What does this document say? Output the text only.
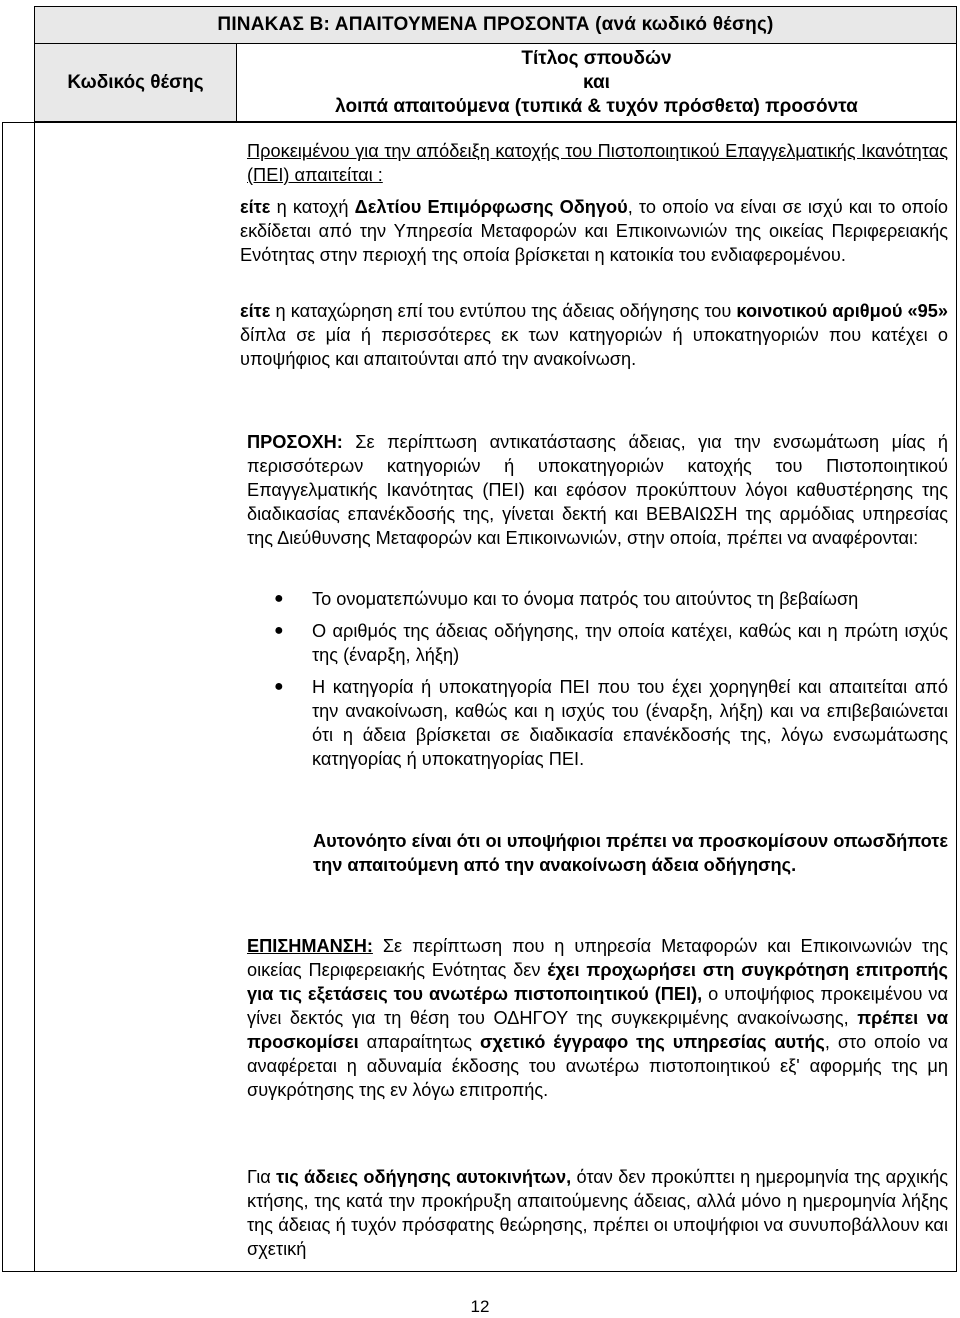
ΠΙΝΑΚΑΣ Β: ΑΠΑΙΤΟΥΜΕΝΑ ΠΡΟΣΟΝΤΑ (ανά κωδικό θέσης)
Κωδικός θέσης
Τίτλος σπουδών
και
λοιπά απαιτούμενα (τυπικά & τυχόν πρόσθετα) προσόντα

Προκειμένου για την απόδειξη κατοχής του Πιστοποιητικού Επαγγελματικής Ικανότητας (ΠΕΙ) απαιτείται :

είτε η κατοχή Δελτίου Επιμόρφωσης Οδηγού, το οποίο να είναι σε ισχύ και το οποίο εκδίδεται από την Υπηρεσία Μεταφορών και Επικοινωνιών της οικείας Περιφερειακής Ενότητας στην περιοχή της οποία βρίσκεται η κατοικία του ενδιαφερομένου.

είτε η καταχώρηση επί του εντύπου της άδειας οδήγησης του κοινοτικού αριθμού «95» δίπλα σε μία ή περισσότερες εκ των κατηγοριών ή υποκατηγοριών που κατέχει ο υποψήφιος και απαιτούνται από την ανακοίνωση.

ΠΡΟΣΟΧΗ: Σε περίπτωση αντικατάστασης άδειας, για την ενσωμάτωση μίας ή περισσότερων κατηγοριών ή υποκατηγοριών κατοχής του Πιστοποιητικού Επαγγελματικής Ικανότητας (ΠΕΙ) και εφόσον προκύπτουν λόγοι καθυστέρησης της διαδικασίας επανέκδοσής της, γίνεται δεκτή και ΒΕΒΑΙΩΣΗ της αρμόδιας υπηρεσίας της Διεύθυνσης Μεταφορών και Επικοινωνιών, στην οποία, πρέπει να αναφέρονται:

● Το ονοματεπώνυμο και το όνομα πατρός του αιτούντος τη βεβαίωση
● Ο αριθμός της άδειας οδήγησης, την οποία κατέχει, καθώς και η πρώτη ισχύς της (έναρξη, λήξη)
● Η κατηγορία ή υποκατηγορία ΠΕΙ που του έχει χορηγηθεί και απαιτείται από την ανακοίνωση, καθώς και η ισχύς του (έναρξη, λήξη) και να επιβεβαιώνεται ότι η άδεια βρίσκεται σε διαδικασία επανέκδοσής της, λόγω ενσωμάτωσης κατηγορίας ή υποκατηγορίας ΠΕΙ.
Αυτονόητο είναι ότι οι υποψήφιοι πρέπει να προσκομίσουν οπωσδήποτε την απαιτούμενη από την ανακοίνωση άδεια οδήγησης.

ΕΠΙΣΗΜΑΝΣΗ: Σε περίπτωση που η υπηρεσία Μεταφορών και Επικοινωνιών της οικείας Περιφερειακής Ενότητας δεν έχει προχωρήσει στη συγκρότηση επιτροπής για τις εξετάσεις του ανωτέρω πιστοποιητικού (ΠΕΙ), ο υποψήφιος προκειμένου να γίνει δεκτός για τη θέση του ΟΔΗΓΟΥ της συγκεκριμένης ανακοίνωσης, πρέπει να προσκομίσει απαραίτητως σχετικό έγγραφο της υπηρεσίας αυτής, στο οποίο να αναφέρεται η αδυναμία έκδοσης του ανωτέρω πιστοποιητικού εξ' αφορμής της μη συγκρότησης της εν λόγω επιτροπής.

Για τις άδειες οδήγησης αυτοκινήτων, όταν δεν προκύπτει η ημερομηνία της αρχικής κτήσης, της κατά την προκήρυξη απαιτούμενης άδειας, αλλά μόνο η ημερομηνία λήξης της άδειας ή τυχόν πρόσφατης θεώρησης, πρέπει οι υποψήφιοι να συνυποβάλλουν και σχετική

12
